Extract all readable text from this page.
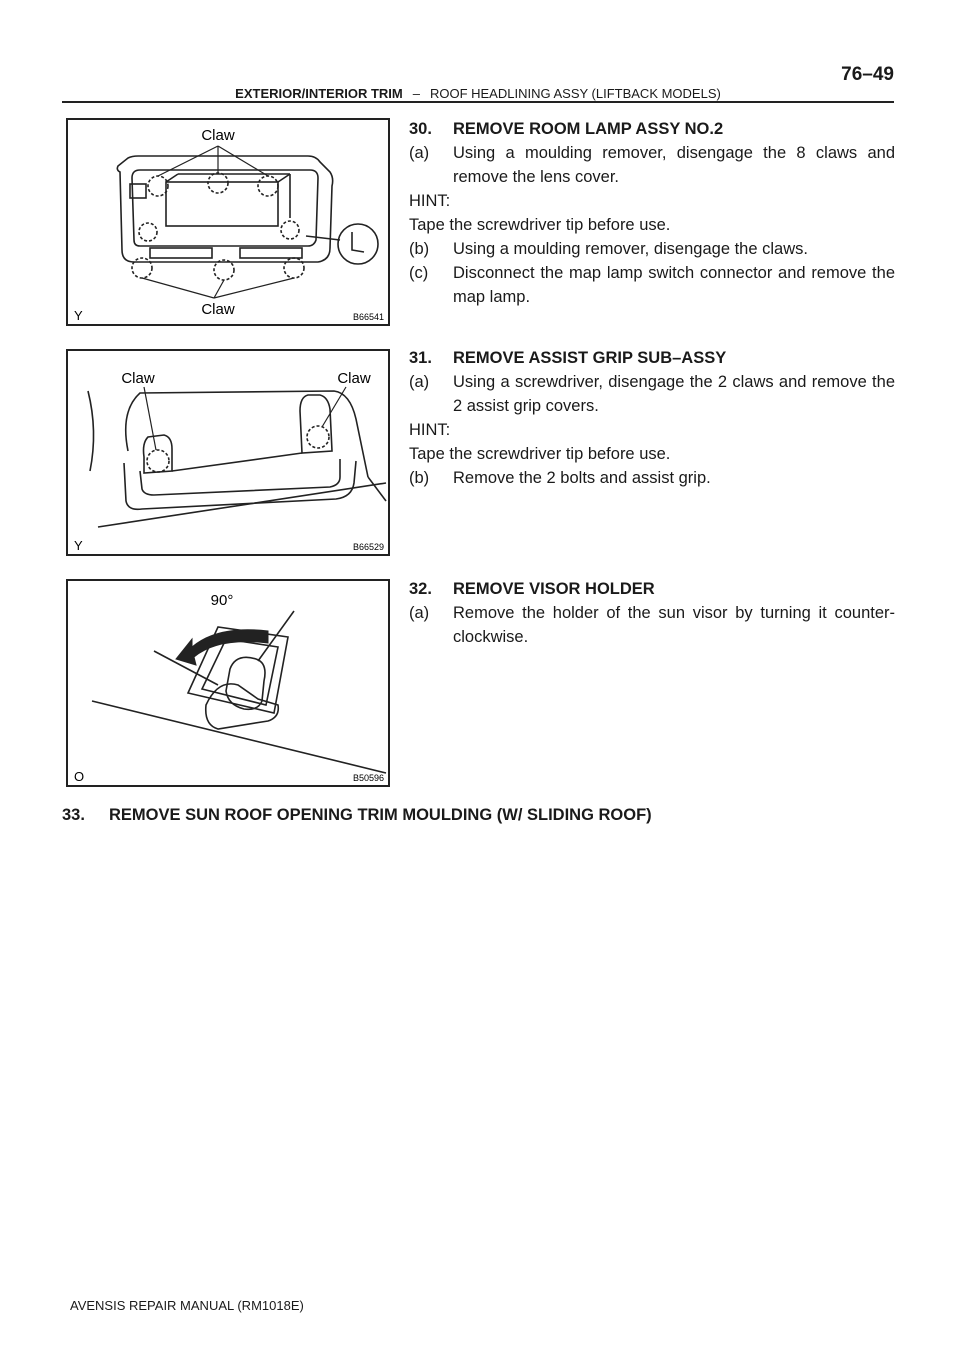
76–49
EXTERIOR/INTERIOR TRIM – ROOF HEADLINING ASSY (LIFTBACK MODELS)
Claw
Claw
Y	B66541
30. REMOVE ROOM LAMP ASSY NO.2
(a) Using a moulding remover, disengage the 8 claws and remove the lens cover.

HINT:

Tape the screwdriver tip before use.

(b) Using a moulding remover, disengage the claws.
(c) Disconnect the map lamp switch connector and remove the map lamp.
Claw	Claw
Y	B66529
31. REMOVE ASSIST GRIP SUB–ASSY
(a) Using a screwdriver, disengage the 2 claws and remove the 2 assist grip covers.

HINT:

Tape the screwdriver tip before use.

(b) Remove the 2 bolts and assist grip.
90°
O	B50596
32. REMOVE VISOR HOLDER
(a) Remove the holder of the sun visor by turning it counter-clockwise.
33. REMOVE SUN ROOF OPENING TRIM MOULDING (W/ SLIDING ROOF)
AVENSIS REPAIR MANUAL (RM1018E)
